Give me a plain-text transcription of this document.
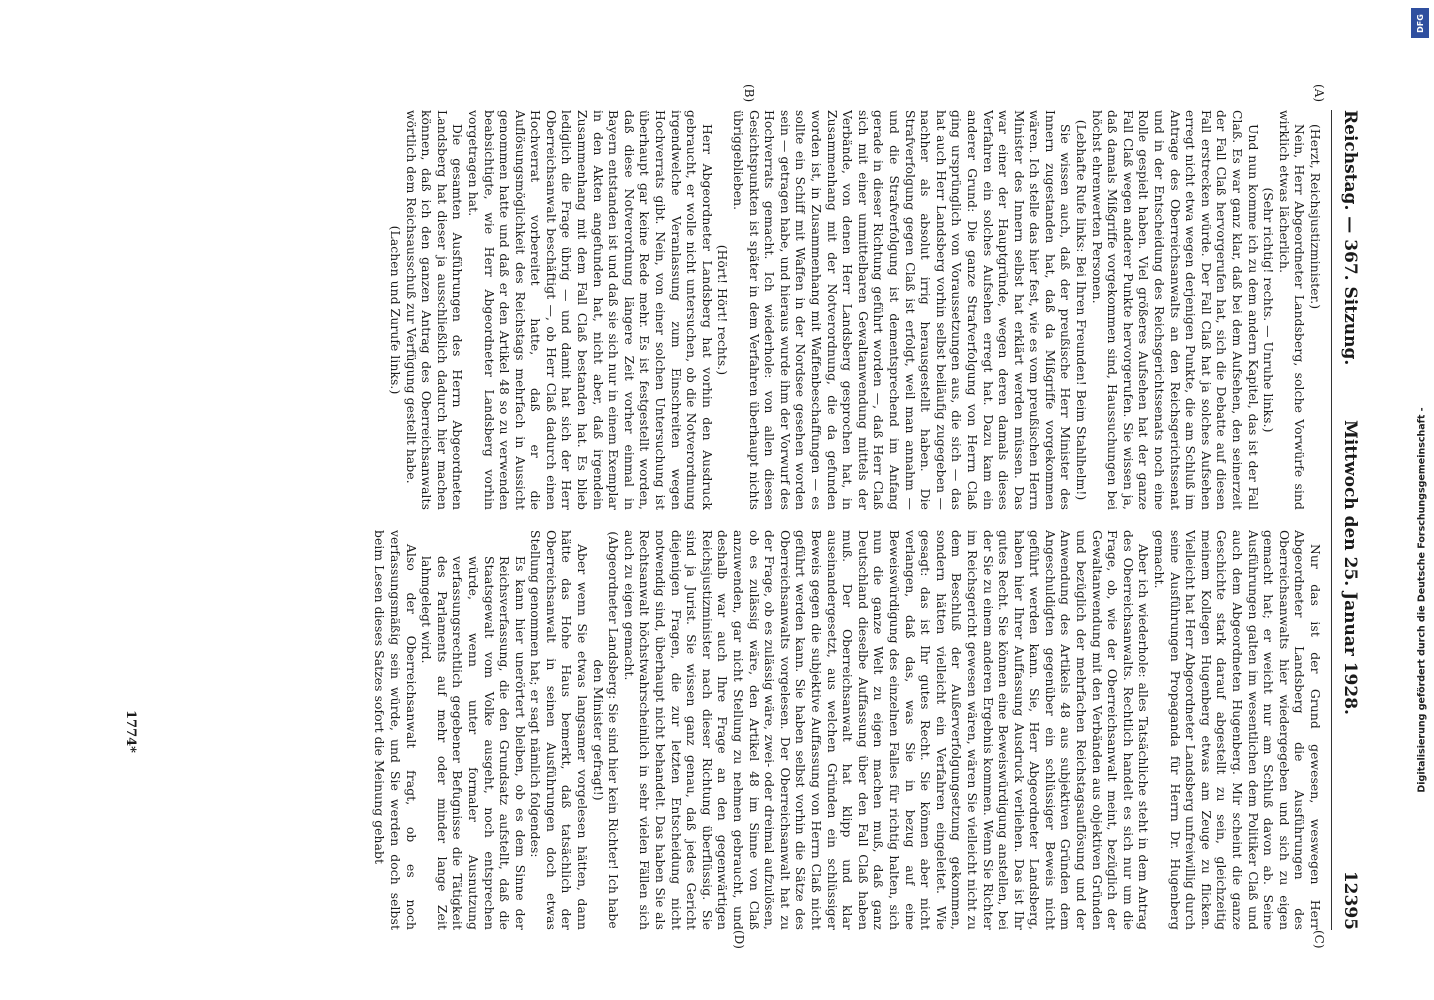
Reichstag. — 367. Sitzung.
Mittwoch den 25. Januar 1928.
12395

(Herzt, Reichsjustizminister.)

Nein, Herr Abgeordneter Landsberg, solche Vorwürfe sind wirklich etwas lächerlich.

(Sehr richtig! rechts. — Unruhe links.)

Und nun komme ich zu dem andern Kapitel, das ist der Fall Claß. Es war ganz klar, daß bei dem Aufsehen, den seinerzeit der Fall Claß hervorgerufen hat, sich die Debatte auf diesen Fall erstrecken würde. Der Fall Claß hat ja solches Aufsehen erregt nicht etwa wegen derjenigen Punkte, die am Schluß im Antrage des Oberreichsanwalts an den Reichsgerichtssenat und in der Entscheidung des Reichsgerichtssenats noch eine Rolle gespielt haben. Viel größeres Aufsehen hat der ganze Fall Claß wegen anderer Punkte hervorgerufen. Sie wissen ja, daß damals Mißgriffe vorgekommen sind, Haussuchungen bei höchst ehrenwerten Personen.

(Lebhafte Rufe links: Bei Ihren Freunden! Beim Stahlhelm!)

Sie wissen auch, daß der preußische Herr Minister des Innern zugestanden hat, daß da Mißgriffe vorgekommen wären. Ich stelle das hier fest, wie es vom preußischen Herrn Minister des Innern selbst hat erklärt werden müssen. Das war einer der Hauptgründe, wegen deren damals dieses Verfahren ein solches Aufsehen erregt hat. Dazu kam ein anderer Grund: Die ganze Strafverfolgung von Herrn Claß ging ursprünglich von Voraussetzungen aus, die sich — das hat auch Herr Landsberg vorhin selbst beiläufig zugegeben — nachher als absolut irrig herausgestellt haben. Die Strafverfolgung gegen Claß ist erfolgt, weil man annahm — und die Strafverfolgung ist dementsprechend im Anfang gerade in dieser Richtung geführt worden —, daß Herr Claß sich mit einer unmittelbaren Gewaltanwendung mittels der Verbände, von denen Herr Landsberg gesprochen hat, in Zusammenhang mit der Notverordnung, die da gefunden worden ist, in Zusammenhang mit Waffenbeschaffungen — es sollte ein Schiff mit Waffen in der Nordsee gesehen worden sein — getragen habe, und hieraus wurde ihm der Vorwurf des Hochverrats gemacht. Ich wiederhole: von allen diesen Gesichtspunkten ist später in dem Verfahren überhaupt nichts übriggeblieben.

(Hört! Hört! rechts.)

Herr Abgeordneter Landsberg hat vorhin den Ausdruck gebraucht, er wolle nicht untersuchen, ob die Notverordnung irgendwelche Veranlassung zum Einschreiten wegen Hochverrats gibt. Nein, von einer solchen Untersuchung ist überhaupt gar keine Rede mehr. Es ist festgestellt worden, daß diese Notverordnung längere Zeit vorher einmal in Bayern entstanden ist und daß sie sich nur in einem Exemplar in den Akten angefunden hat, nicht aber, daß irgendein Zusammenhang mit dem Fall Claß bestanden hat. Es blieb lediglich die Frage übrig — und damit hat sich der Herr Oberreichsanwalt beschäftigt —, ob Herr Claß dadurch einen Hochverrat vorbereitet hatte, daß er die Auflösungsmöglichkeit des Reichstags mehrfach in Aussicht genommen hatte und daß er den Artikel 48 so zu verwenden beabsichtigte, wie Herr Abgeordneter Landsberg vorhin vorgetragen hat.

Die gesamten Ausführungen des Herrn Abgeordneten Landsberg hat dieser ja ausschließlich dadurch hier machen können, daß ich den ganzen Antrag des Oberreichsanwalts wörtlich dem Reichsausschuß zur Verfügung gestellt habe.

(Lachen und Zurufe links.)

Nur das ist der Grund gewesen, weswegen Herr Abgeordneter Landsberg die Ausführungen des Oberreichsanwalts hier wiedergegeben und sich zu eigen gemacht hat; er weicht nur am Schluß davon ab. Seine Ausführungen galten im wesentlichen dem Politiker Claß und auch dem Abgeordneten Hugenberg. Mir scheint die ganze Geschichte stark darauf abgestellt zu sein, gleichzeitig meinem Kollegen Hugenberg etwas am Zeuge zu flicken. Vielleicht hat Herr Abgeordneter Landsberg unfreiwillig durch seine Ausführungen Propaganda für Herrn Dr. Hugenberg gemacht.

Aber ich wiederhole: alles Tatsächliche steht in dem Antrag des Oberreichsanwalts. Rechtlich handelt es sich nur um die Frage, ob, wie der Oberreichsanwalt meint, bezüglich der Gewaltanwendung mit den Verbänden aus objektiven Gründen und bezüglich der mehrfachen Reichstagsauflösung und der Anwendung des Artikels 48 aus subjektiven Gründen dem Angeschuldigten gegenüber ein schlüssiger Beweis nicht geführt werden kann. Sie, Herr Abgeordneter Landsberg, haben hier Ihrer Auffassung Ausdruck verliehen. Das ist Ihr gutes Recht. Sie können eine Beweiswürdigung anstellen, bei der Sie zu einem anderen Ergebnis kommen. Wenn Sie Richter im Reichsgericht gewesen wären, wären Sie vielleicht nicht zu dem Beschluß der Außerverfolgungsetzung gekommen, sondern hätten vielleicht ein Verfahren eingeleitet. Wie gesagt: das ist Ihr gutes Recht. Sie können aber nicht verlangen, daß das, was Sie in bezug auf eine Beweiswürdigung des einzelnen Falles für richtig halten, sich nun die ganze Welt zu eigen machen muß, daß ganz Deutschland dieselbe Auffassung über den Fall Claß haben muß. Der Oberreichsanwalt hat klipp und klar auseinandergesetzt, aus welchen Gründen ein schlüssiger Beweis gegen die subjektive Auffassung von Herrn Claß nicht geführt werden kann. Sie haben selbst vorhin die Sätze des Oberreichsanwalts vorgelesen. Der Oberreichsanwalt hat zu der Frage, ob es zulässig wäre, zwei- oder dreimal aufzulösen, ob es zulässig wäre, den Artikel 48 im Sinne von Claß anzuwenden, gar nicht Stellung zu nehmen gebraucht, und deshalb war auch Ihre Frage an den gegenwärtigen Reichsjustizminister nach dieser Richtung überflüssig. Sie sind ja Jurist. Sie wissen ganz genau, daß jedes Gericht diejenigen Fragen, die zur letzten Entscheidung nicht notwendig sind, überhaupt nicht behandelt. Das haben Sie als Rechtsanwalt höchstwahrscheinlich in sehr vielen Fällen sich auch zu eigen gemacht.

(Abgeordneter Landsberg: Sie sind hier kein Richter! Ich habe den Minister gefragt!)

Aber wenn Sie etwas langsamer vorgelesen hätten, dann hätte das Hohe Haus bemerkt, daß tatsächlich der Oberreichsanwalt in seinen Ausführungen doch etwas Stellung genommen hat; er sagt nämlich folgendes:

Es kann hier unerörtert bleiben, ob es dem Sinne der Reichsverfassung, die den Grundsatz aufstellt, daß die Staatsgewalt vom Volke ausgeht, noch entsprechen würde, wenn unter formaler Ausnutzung verfassungsrechtlich gegebener Befugnisse die Tätigkeit des Parlaments auf mehr oder minder lange Zeit lahmgelegt wird.

Also der Oberreichsanwalt fragt, ob es noch verfassungsmäßig sein würde, und Sie werden doch selbst beim Lesen dieses Satzes sofort die Meinung gehabt

(A)
(B)
(C)
(D)
1774*
DFG
Digitalisierung gefördert durch die Deutsche Forschungsgemeinschaft -
